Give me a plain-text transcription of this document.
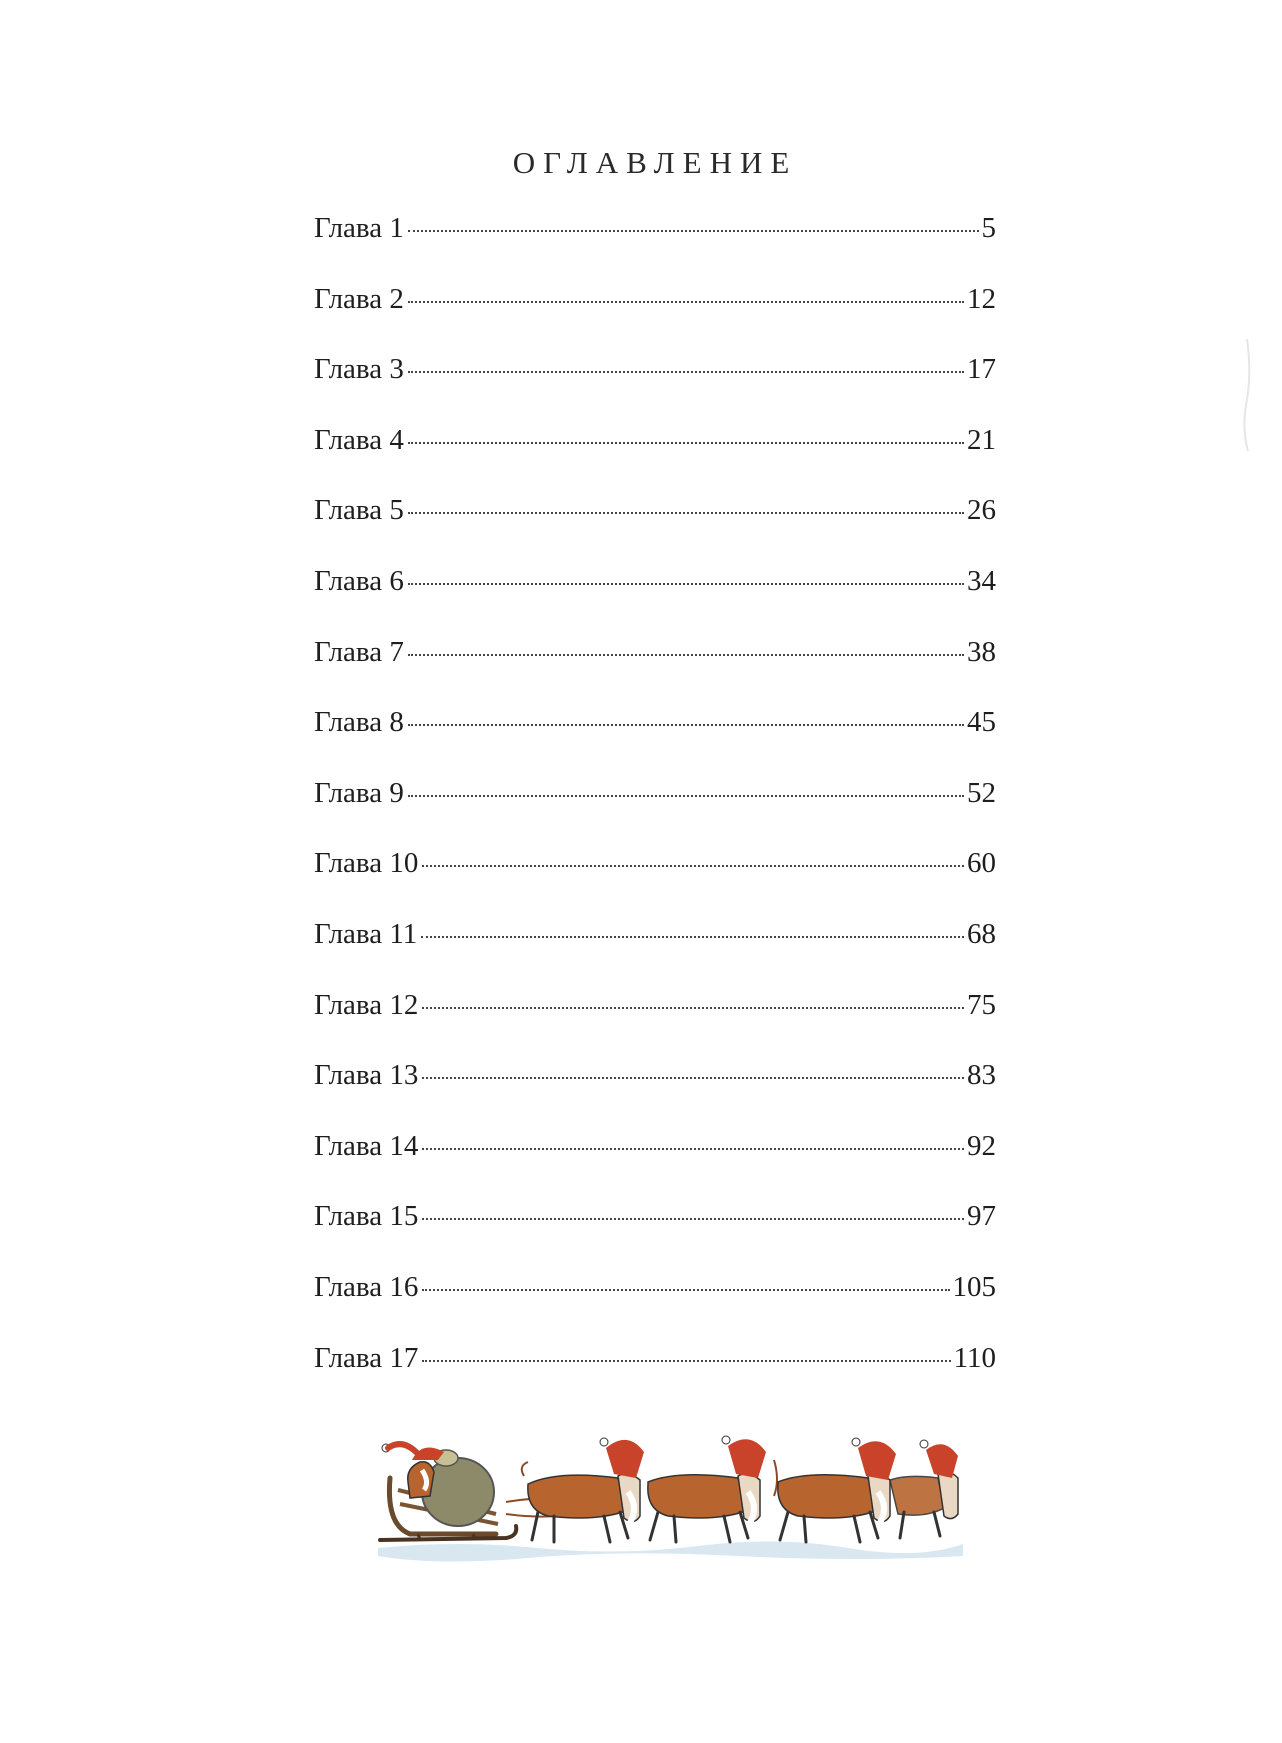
ОГЛАВЛЕНИЕ
Глава 1	5
Глава 2	12
Глава 3	17
Глава 4	21
Глава 5	26
Глава 6	34
Глава 7	38
Глава 8	45
Глава 9	52
Глава 10	60
Глава 11	68
Глава 12	75
Глава 13	83
Глава 14	92
Глава 15	97
Глава 16	105
Глава 17	110
